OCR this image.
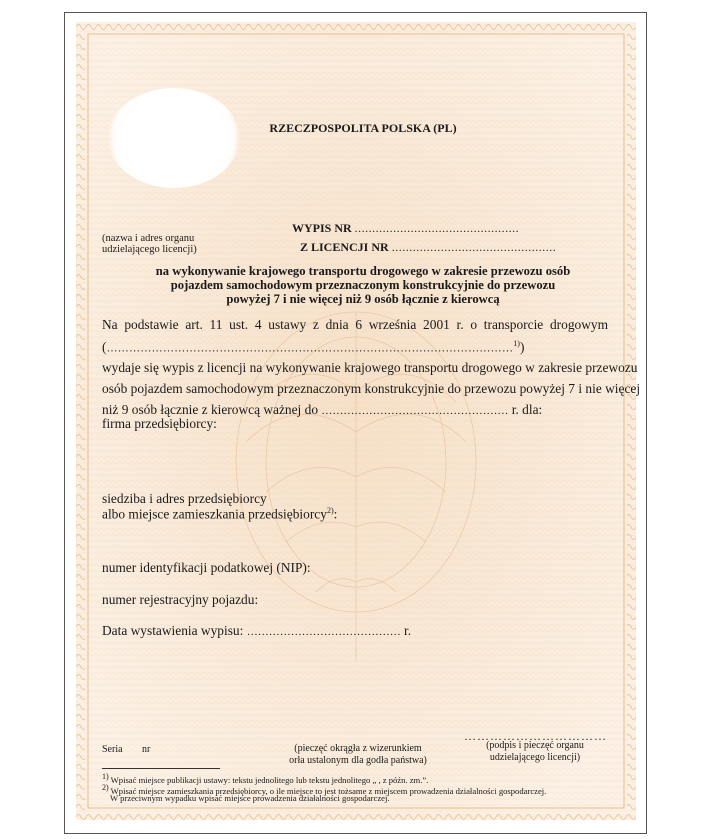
RZECZPOSPOLITA POLSKA (PL)
WYPIS NR ...............................................
Z LICENCJI NR ...............................................
(nazwa i adres organu
udzielającego licencji)
na wykonywanie krajowego transportu drogowego w zakresie przewozu osób
pojazdem samochodowym przeznaczonym konstrukcyjnie do przewozu
powyżej 7 i nie więcej niż 9 osób łącznie z kierowcą
Na podstawie art. 11 ust. 4 ustawy z dnia 6 września 2001 r. o transporcie drogowym
(………………………………………………………………………………………………$^{1)}$)
wydaje się wypis z licencji na wykonywanie krajowego transportu drogowego w zakresie przewozu
osób pojazdem samochodowym przeznaczonym konstrukcyjnie do przewozu powyżej 7 i nie więcej
niż 9 osób łącznie z kierowcą ważnej do …………………………………………… r. dla:
firma przedsiębiorcy:
siedziba i adres przedsiębiorcy
albo miejsce zamieszkania przedsiębiorcy$^{2)}$:
numer identyfikacji podatkowej (NIP):
numer rejestracyjny pojazdu:
Data wystawienia wypisu: …………………………………… r.
Seria nr	(pieczęć okrągła z wizerunkiem
orła ustalonym dla godła państwa)
……………………………
(podpis i pieczęć organu
udzielającego licencji)
$^{1)}$ Wpisać miejsce publikacji ustawy: tekstu jednolitego lub tekstu jednolitego „ , z późn. zm.”.
$^{2)}$ Wpisać miejsce zamieszkania przedsiębiorcy, o ile miejsce to jest tożsame z miejscem prowadzenia działalności gospodarczej.
W przeciwnym wypadku wpisać miejsce prowadzenia działalności gospodarczej.
